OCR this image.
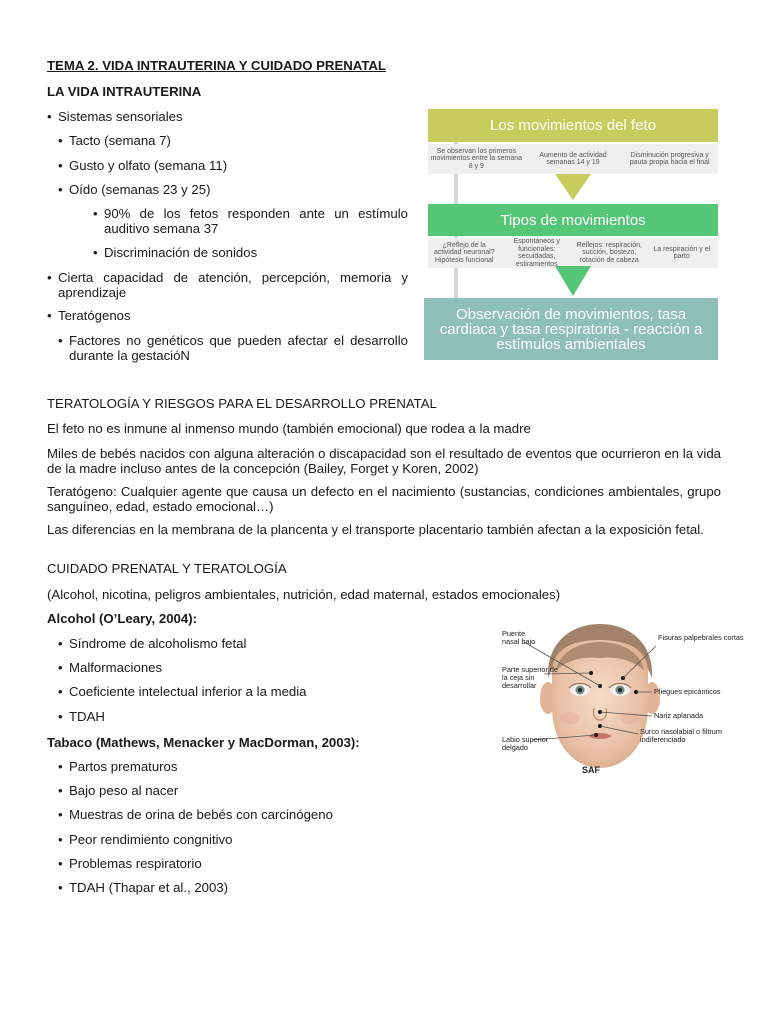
TEMA 2. VIDA INTRAUTERINA Y CUIDADO PRENATAL
LA VIDA INTRAUTERINA
• Sistemas sensoriales
• Tacto (semana 7)
• Gusto y olfato (semana 11)
• Oído (semanas 23 y 25)
• 90% de los fetos responden ante un estímulo auditivo semana 37
• Discriminación de sonidos
• Cierta capacidad de atención, percepción, memoria y aprendizaje
• Teratógenos
• Factores no genéticos que pueden afectar el desarrollo durante la gestacióN
Los movimientos del feto
Se observan los primeros movimientos entre la semana 8 y 9
Aumento de actividad semanas 14 y 19
Disminución progresiva y pauta propia hacia el final
Tipos de movimientos
¿Reflejo de la actividad neuronal? Hipótesis funcional
Espontáneos y funcionales: secuidadas, estiramientos
Reflejos: respiración, succión, bostezo, rotación de cabeza
La respiración y el parto
Observación de movimientos, tasa cardiaca y tasa respiratoria - reacción a estímulos ambientales
TERATOLOGÍA Y RIESGOS PARA EL DESARROLLO PRENATAL
El feto no es inmune al inmenso mundo (también emocional) que rodea a la madre
Miles de bebés nacidos con alguna alteración o discapacidad son el resultado de eventos que ocurrieron en la vida de la madre incluso antes de la concepción (Bailey, Forget y Koren, 2002)
Teratógeno: Cualquier agente que causa un defecto en el nacimiento (sustancias, condiciones ambientales, grupo sanguíneo, edad, estado emocional…)
Las diferencias en la membrana de la plancenta y el transporte placentario también afectan a la exposición fetal.
CUIDADO PRENATAL Y TERATOLOGÍA
(Alcohol, nicotina, peligros ambientales, nutrición, edad maternal, estados emocionales)
Alcohol (O’Leary, 2004):
• Síndrome de alcoholismo fetal
• Malformaciones
• Coeficiente intelectual inferior a la media
• TDAH
Tabaco (Mathews, Menacker y MacDorman, 2003):
• Partos prematuros
• Bajo peso al nacer
• Muestras de orina de bebés con carcinógeno
• Peor rendimiento congnitivo
• Problemas respiratorio
• TDAH (Thapar et al., 2003)
Puente nasal bajo
Parte superior de la ceja sin desarrollar
Labio superior delgado
Fisuras palpebrales cortas
Pliegues epicánticos
Nariz aplanada
Surco nasolabial o filtrum indiferenciado
SAF
